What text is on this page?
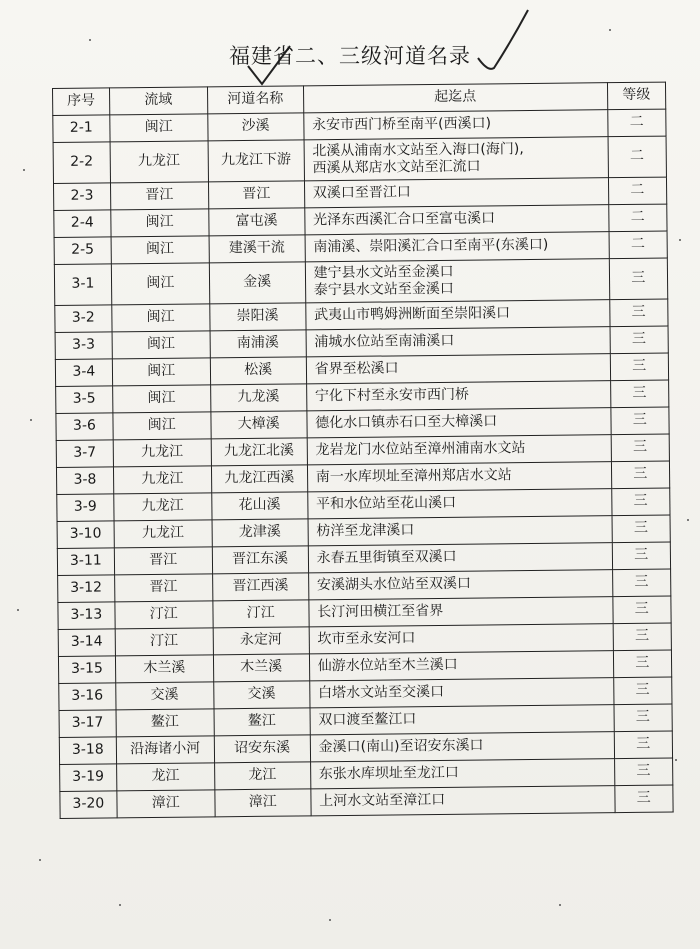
福建省二、三级河道名录
序号	流域	河道名称	起迄点	等级
2-1	闽江	沙溪	永安市西门桥至南平(西溪口)	二
2-2	九龙江	九龙江下游	北溪从浦南水文站至入海口(海门),
西溪从郑店水文站至汇流口	二
2-3	晋江	晋江	双溪口至晋江口	二
2-4	闽江	富屯溪	光泽东西溪汇合口至富屯溪口	二
2-5	闽江	建溪干流	南浦溪、崇阳溪汇合口至南平(东溪口)	二
3-1	闽江	金溪	建宁县水文站至金溪口
泰宁县水文站至金溪口	三
3-2	闽江	崇阳溪	武夷山市鸭姆洲断面至崇阳溪口	三
3-3	闽江	南浦溪	浦城水位站至南浦溪口	三
3-4	闽江	松溪	省界至松溪口	三
3-5	闽江	九龙溪	宁化下村至永安市西门桥	三
3-6	闽江	大樟溪	德化水口镇赤石口至大樟溪口	三
3-7	九龙江	九龙江北溪	龙岩龙门水位站至漳州浦南水文站	三
3-8	九龙江	九龙江西溪	南一水库坝址至漳州郑店水文站	三
3-9	九龙江	花山溪	平和水位站至花山溪口	三
3-10	九龙江	龙津溪	枋洋至龙津溪口	三
3-11	晋江	晋江东溪	永春五里街镇至双溪口	三
3-12	晋江	晋江西溪	安溪湖头水位站至双溪口	三
3-13	汀江	汀江	长汀河田横江至省界	三
3-14	汀江	永定河	坎市至永安河口	三
3-15	木兰溪	木兰溪	仙游水位站至木兰溪口	三
3-16	交溪	交溪	白塔水文站至交溪口	三
3-17	鳌江	鳌江	双口渡至鳌江口	三
3-18	沿海诸小河	诏安东溪	金溪口(南山)至诏安东溪口	三
3-19	龙江	龙江	东张水库坝址至龙江口	三
3-20	漳江	漳江	上河水文站至漳江口	三
